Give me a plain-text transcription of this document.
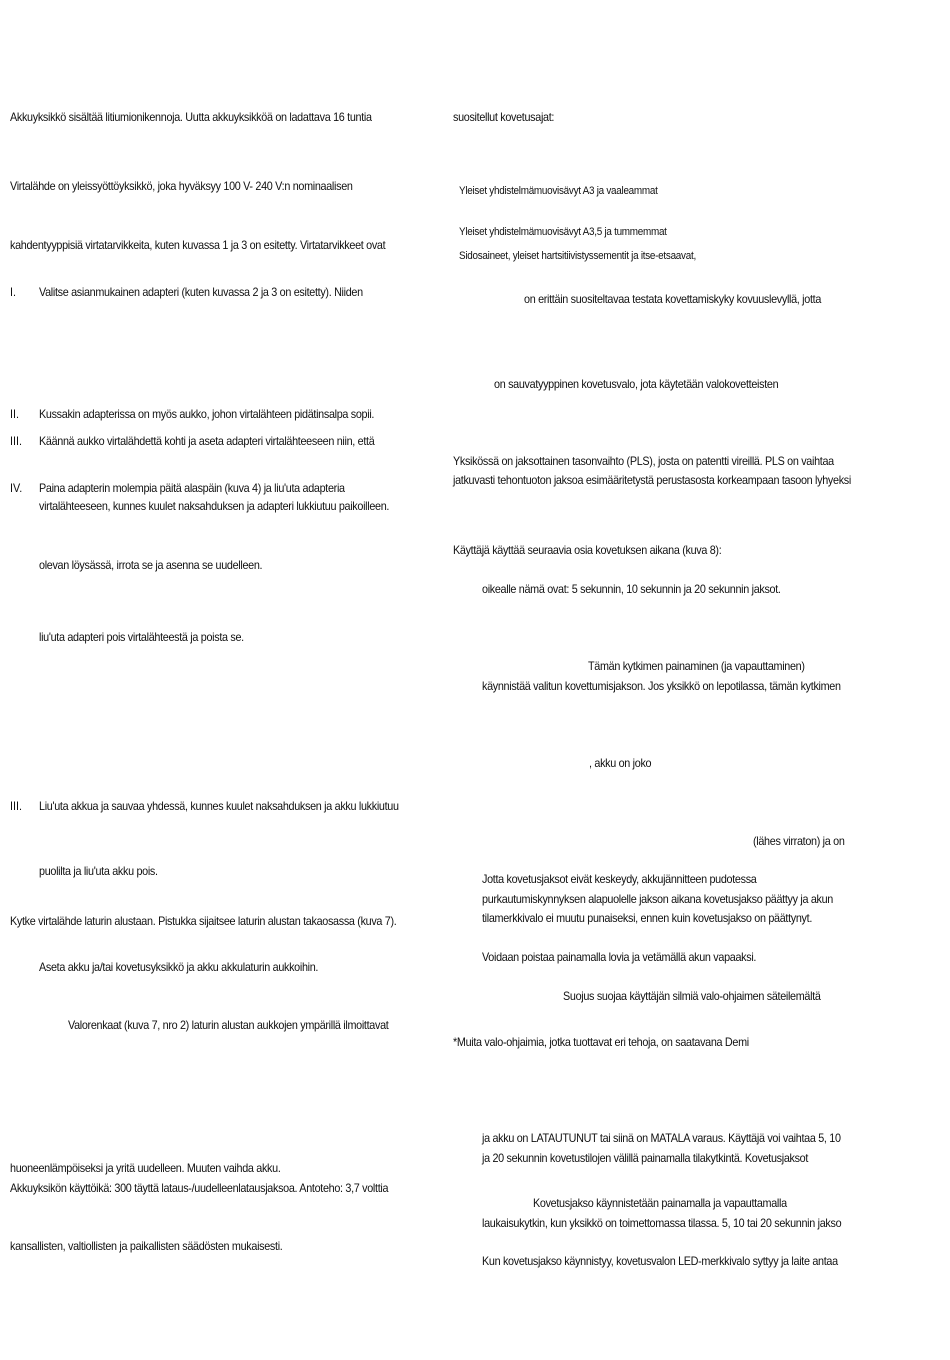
Akkuyksikkö sisältää litiumionikennoja. Uutta akkuyksikköä on ladattava 16 tuntia
Virtalähde on yleissyöttöyksikkö, joka hyväksyy 100 V- 240 V:n nominaalisen
kahdentyyppisiä virtatarvikkeita, kuten kuvassa 1 ja 3 on esitetty. Virtatarvikkeet ovat
I. Valitse asianmukainen adapteri (kuten kuvassa 2 ja 3 on esitetty). Niiden
II. Kussakin adapterissa on myös aukko, johon virtalähteen pidätinsalpa sopii.
III. Käännä aukko virtalähdettä kohti ja aseta adapteri virtalähteeseen niin, että
IV. Paina adapterin molempia päitä alaspäin (kuva 4) ja liu'uta adapteria
virtalähteeseen, kunnes kuulet naksahduksen ja adapteri lukkiutuu paikoilleen.
olevan löysässä, irrota se ja asenna se uudelleen.
liu'uta adapteri pois virtalähteestä ja poista se.
III. Liu'uta akkua ja sauvaa yhdessä, kunnes kuulet naksahduksen ja akku lukkiutuu
puolilta ja liu'uta akku pois.
Kytke virtalähde laturin alustaan. Pistukka sijaitsee laturin alustan takaosassa (kuva 7).
Aseta akku ja/tai kovetusyksikkö ja akku akkulaturin aukkoihin.
Valorenkaat (kuva 7, nro 2) laturin alustan aukkojen ympärillä ilmoittavat
huoneenlämpöiseksi ja yritä uudelleen. Muuten vaihda akku.
Akkuyksikön käyttöikä: 300 täyttä lataus-/uudelleenlatausjaksoa. Antoteho: 3,7 volttia
kansallisten, valtiollisten ja paikallisten säädösten mukaisesti.
suositellut kovetusajat:
Yleiset yhdistelmämuovisävyt A3 ja vaaleammat
Yleiset yhdistelmämuovisävyt A3,5 ja tummemmat
Sidosaineet, yleiset hartsitiivistyssementit ja itse-etsaavat,
on erittäin suositeltavaa testata kovettamiskyky kovuuslevyllä, jotta
on sauvatyyppinen kovetusvalo, jota käytetään valokovetteisten
Yksikössä on jaksottainen tasonvaihto (PLS), josta on patentti vireillä. PLS on vaihtaa
jatkuvasti tehontuoton jaksoa esimääritetystä perustasosta korkeampaan tasoon lyhyeksi
Käyttäjä käyttää seuraavia osia kovetuksen aikana (kuva 8):
oikealle nämä ovat: 5 sekunnin, 10 sekunnin ja 20 sekunnin jaksot.
Tämän kytkimen painaminen (ja vapauttaminen)
käynnistää valitun kovettumisjakson. Jos yksikkö on lepotilassa, tämän kytkimen
, akku on joko
(lähes virraton) ja on
Jotta kovetusjaksot eivät keskeydy, akkujännitteen pudotessa
purkautumiskynnyksen alapuolelle jakson aikana kovetusjakso päättyy ja akun
tilamerkkivalo ei muutu punaiseksi, ennen kuin kovetusjakso on päättynyt.
Voidaan poistaa painamalla lovia ja vetämällä akun vapaaksi.
Suojus suojaa käyttäjän silmiä valo-ohjaimen säteilemältä
*Muita valo-ohjaimia, jotka tuottavat eri tehoja, on saatavana Demi
ja akku on LATAUTUNUT tai siinä on MATALA varaus. Käyttäjä voi vaihtaa 5, 10
ja 20 sekunnin kovetustilojen välillä painamalla tilakytkintä. Kovetusjaksot
Kovetusjakso käynnistetään painamalla ja vapauttamalla
laukaisukytkin, kun yksikkö on toimettomassa tilassa. 5, 10 tai 20 sekunnin jakso
Kun kovetusjakso käynnistyy, kovetusvalon LED-merkkivalo syttyy ja laite antaa
